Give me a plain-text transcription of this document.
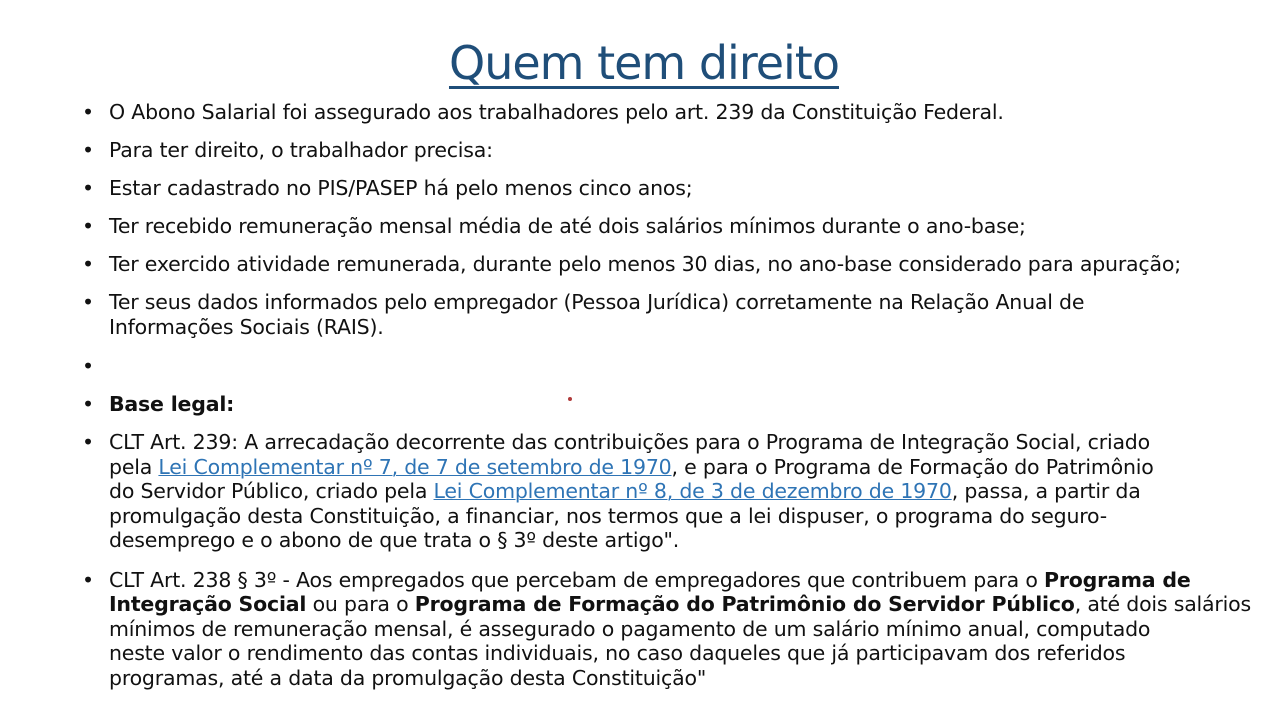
Quem tem direito
• O Abono Salarial foi assegurado aos trabalhadores pelo art. 239 da Constituição Federal.
• Para ter direito, o trabalhador precisa:
• Estar cadastrado no PIS/PASEP há pelo menos cinco anos;
• Ter recebido remuneração mensal média de até dois salários mínimos durante o ano-base;
• Ter exercido atividade remunerada, durante pelo menos 30 dias, no ano-base considerado para apuração;
• Ter seus dados informados pelo empregador (Pessoa Jurídica) corretamente na Relação Anual de
Informações Sociais (RAIS).
•

• Base legal:
• CLT Art. 239: A arrecadação decorrente das contribuições para o Programa de Integração Social, criado
pela Lei Complementar nº 7, de 7 de setembro de 1970, e para o Programa de Formação do Patrimônio
do Servidor Público, criado pela Lei Complementar nº 8, de 3 de dezembro de 1970, passa, a partir da
promulgação desta Constituição, a financiar, nos termos que a lei dispuser, o programa do seguro-
desemprego e o abono de que trata o § 3º deste artigo".
• CLT Art. 238 § 3º - Aos empregados que percebam de empregadores que contribuem para o Programa de
Integração Social ou para o Programa de Formação do Patrimônio do Servidor Público, até dois salários
mínimos de remuneração mensal, é assegurado o pagamento de um salário mínimo anual, computado
neste valor o rendimento das contas individuais, no caso daqueles que já participavam dos referidos
programas, até a data da promulgação desta Constituição"
